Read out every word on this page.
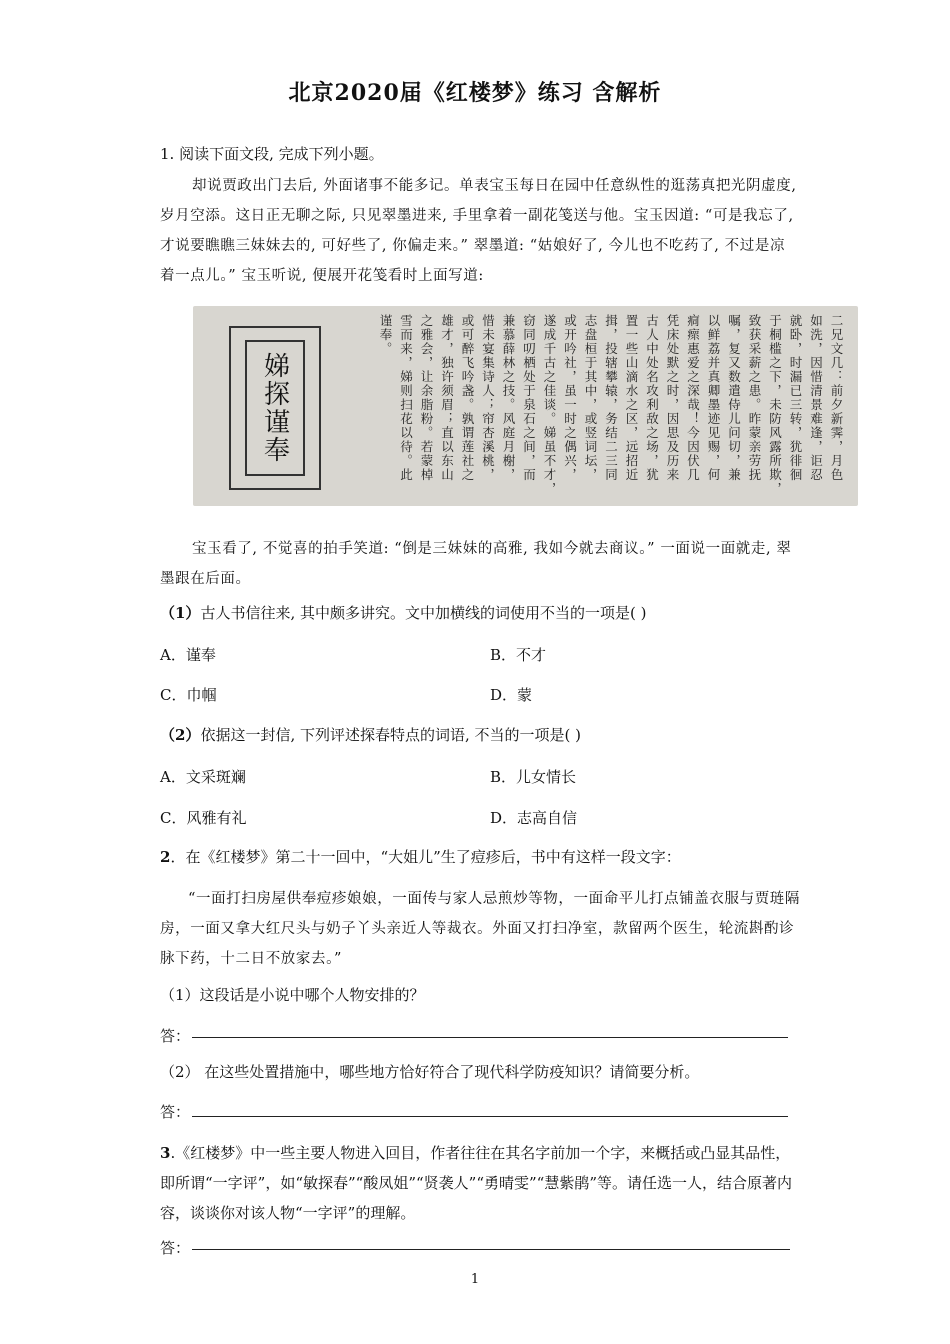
北京2020届《红楼梦》练习 含解析
1. 阅读下面文段, 完成下列小题。
却说贾政出门去后, 外面诸事不能多记。单表宝玉每日在园中任意纵性的逛荡真把光阴虚度, 岁月空添。这日正无聊之际, 只见翠墨进来, 手里拿着一副花笺送与他。宝玉因道: “可是我忘了, 才说要瞧瞧三妹妹去的, 可好些了, 你偏走来。” 翠墨道: “姑娘好了, 今儿也不吃药了, 不过是凉着一点儿。” 宝玉听说, 便展开花笺看时上面写道:
二兄文几：前夕新霁，月色
如洗，因惜清景难逢，讵忍
就卧，时漏已三转，犹徘徊
于桐槛之下，未防风露所欺，
致获采薪之患。昨蒙亲劳抚
嘱，复又数遣侍儿问切，兼
以鲜荔并真卿墨迹见赐，何
痌瘝惠爱之深哉！今因伏几
凭床处默之时，因思及历来
古人中处名攻利敌之场，犹
置一些山滴水之区，远招近
揖，投辖攀辕，务结二三同
志盘桓于其中，或竖词坛，
或开吟社，虽一时之偶兴，
遂成千古之佳谈。娣虽不才，
窃同叨栖处于泉石之间，而
兼慕薛林之技。风庭月榭，
惜未宴集诗人；帘杏溪桃，
或可醉飞吟盏。孰谓莲社之
雄才，独许须眉；直以东山
之雅会，让余脂粉。若蒙棹
雪而来，娣则扫花以待。此
谨奉。
娣探谨奉
宝玉看了, 不觉喜的拍手笑道: “倒是三妹妹的高雅, 我如今就去商议。” 一面说一面就走, 翠墨跟在后面。
（1）古人书信往来, 其中颇多讲究。文中加横线的词使用不当的一项是( )
A．谨奉	B．不才
C．巾帼	D．蒙
（2）依据这一封信, 下列评述探春特点的词语, 不当的一项是( )
A．文采斑斓	B．儿女情长
C．风雅有礼	D．志高自信
2．在《红楼梦》第二十一回中，“大姐儿”生了痘疹后，书中有这样一段文字：
“一面打扫房屋供奉痘疹娘娘，一面传与家人忌煎炒等物，一面命平儿打点铺盖衣服与贾琏隔房，一面又拿大红尺头与奶子丫头亲近人等裁衣。外面又打扫净室，款留两个医生，轮流斟酌诊脉下药，十二日不放家去。”
（1）这段话是小说中哪个人物安排的？
答：
（2） 在这些处置措施中，哪些地方恰好符合了现代科学防疫知识？请简要分析。
答：
3.《红楼梦》中一些主要人物进入回目，作者往往在其名字前加一个字，来概括或凸显其品性，即所谓“一字评”，如“敏探春”“酸凤姐”“贤袭人”“勇晴雯”“慧紫鹃”等。请任选一人，结合原著内容，谈谈你对该人物“一字评”的理解。
答：
1
